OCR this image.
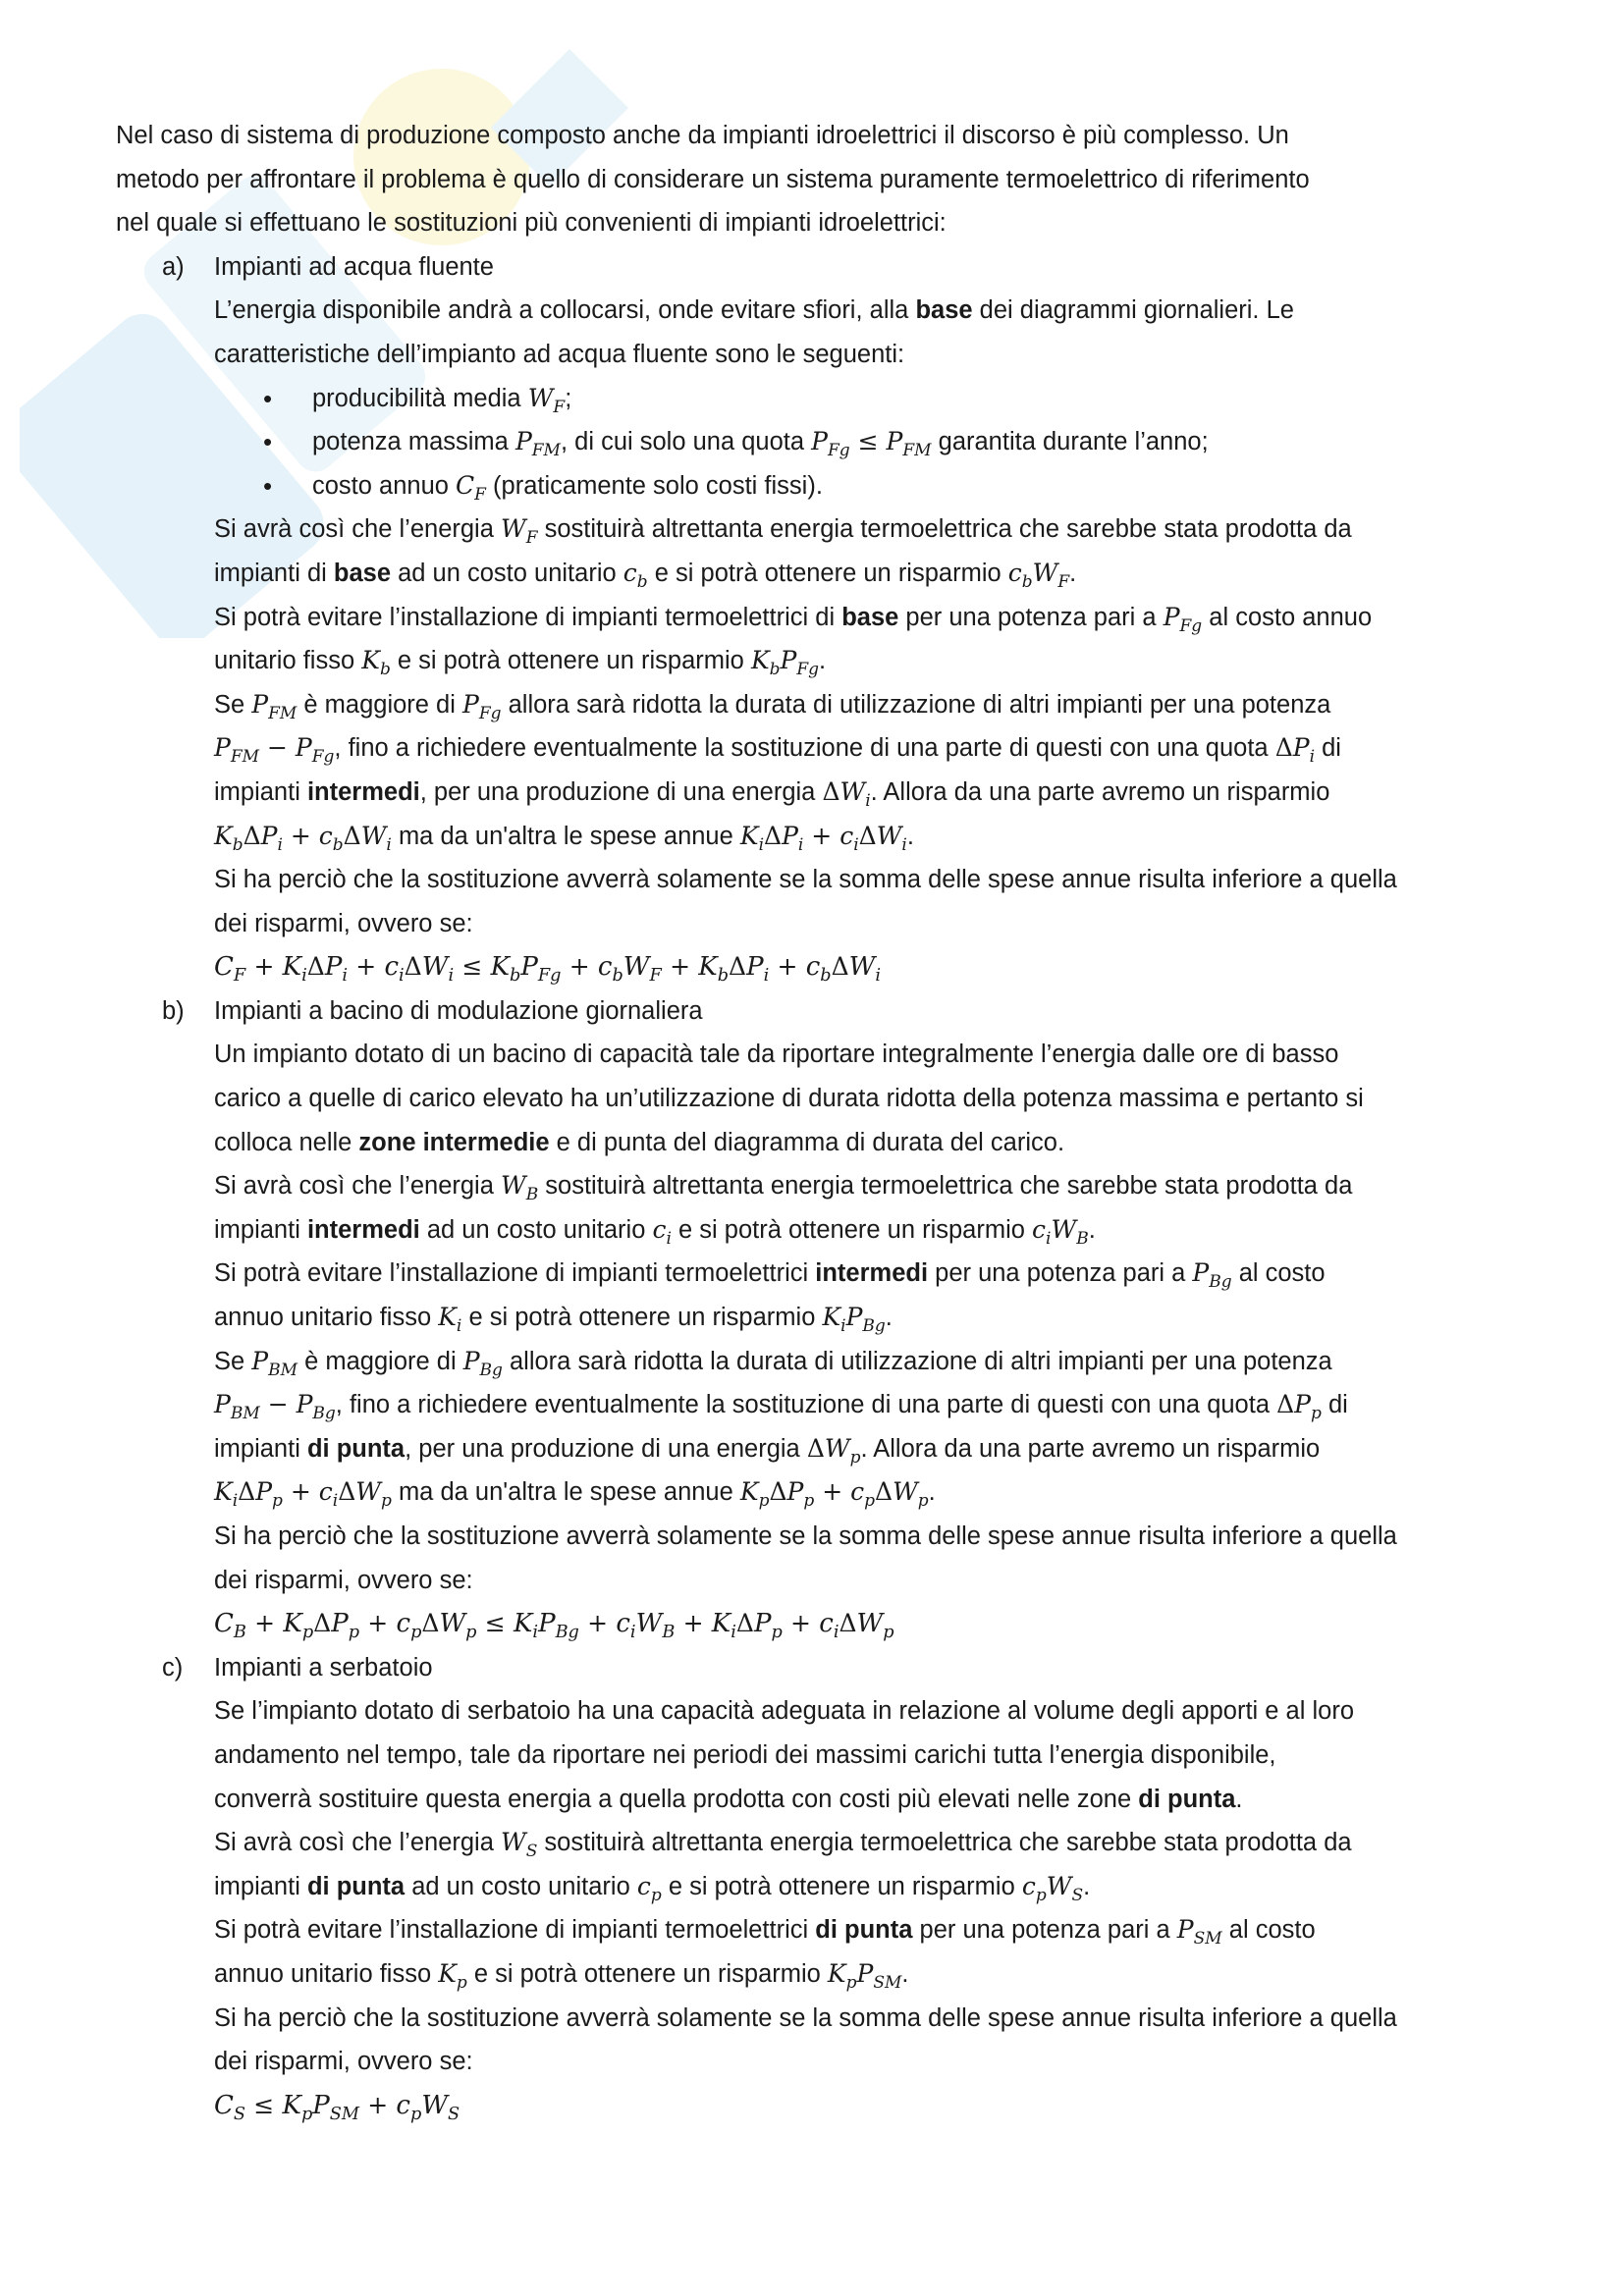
Nel caso di sistema di produzione composto anche da impianti idroelettrici il discorso è più complesso. Un
metodo per affrontare il problema è quello di considerare un sistema puramente termoelettrico di riferimento
nel quale si effettuano le sostituzioni più convenienti di impianti idroelettrici:
a) Impianti ad acqua fluente
L’energia disponibile andrà a collocarsi, onde evitare sfiori, alla base dei diagrammi giornalieri. Le
caratteristiche dell’impianto ad acqua fluente sono le seguenti:
• producibilità media $W_F$;
• potenza massima $P_{FM}$, di cui solo una quota $P_{Fg} \le P_{FM}$ garantita durante l’anno;
• costo annuo $C_F$ (praticamente solo costi fissi).
Si avrà così che l’energia $W_F$ sostituirà altrettanta energia termoelettrica che sarebbe stata prodotta da
impianti di base ad un costo unitario $c_b$ e si potrà ottenere un risparmio $c_bW_F$.
Si potrà evitare l’installazione di impianti termoelettrici di base per una potenza pari a $P_{Fg}$ al costo annuo
unitario fisso $K_b$ e si potrà ottenere un risparmio $K_bP_{Fg}$.
Se $P_{FM}$ è maggiore di $P_{Fg}$ allora sarà ridotta la durata di utilizzazione di altri impianti per una potenza
$P_{FM} - P_{Fg}$, fino a richiedere eventualmente la sostituzione di una parte di questi con una quota $\Delta P_i$ di
impianti intermedi, per una produzione di una energia $\Delta W_i$. Allora da una parte avremo un risparmio
$K_b\Delta P_i + c_b\Delta W_i$ ma da un'altra le spese annue $K_i\Delta P_i + c_i\Delta W_i$.
Si ha perciò che la sostituzione avverrà solamente se la somma delle spese annue risulta inferiore a quella
dei risparmi, ovvero se:
$C_F + K_i\Delta P_i + c_i\Delta W_i \le K_bP_{Fg} + c_bW_F + K_b\Delta P_i + c_b\Delta W_i$
b) Impianti a bacino di modulazione giornaliera
Un impianto dotato di un bacino di capacità tale da riportare integralmente l’energia dalle ore di basso
carico a quelle di carico elevato ha un’utilizzazione di durata ridotta della potenza massima e pertanto si
colloca nelle zone intermedie e di punta del diagramma di durata del carico.
Si avrà così che l’energia $W_B$ sostituirà altrettanta energia termoelettrica che sarebbe stata prodotta da
impianti intermedi ad un costo unitario $c_i$ e si potrà ottenere un risparmio $c_iW_B$.
Si potrà evitare l’installazione di impianti termoelettrici intermedi per una potenza pari a $P_{Bg}$ al costo
annuo unitario fisso $K_i$ e si potrà ottenere un risparmio $K_iP_{Bg}$.
Se $P_{BM}$ è maggiore di $P_{Bg}$ allora sarà ridotta la durata di utilizzazione di altri impianti per una potenza
$P_{BM} - P_{Bg}$, fino a richiedere eventualmente la sostituzione di una parte di questi con una quota $\Delta P_p$ di
impianti di punta, per una produzione di una energia $\Delta W_p$. Allora da una parte avremo un risparmio
$K_i\Delta P_p + c_i\Delta W_p$ ma da un'altra le spese annue $K_p\Delta P_p + c_p\Delta W_p$.
Si ha perciò che la sostituzione avverrà solamente se la somma delle spese annue risulta inferiore a quella
dei risparmi, ovvero se:
$C_B + K_p\Delta P_p + c_p\Delta W_p \le K_iP_{Bg} + c_iW_B + K_i\Delta P_p + c_i\Delta W_p$
c) Impianti a serbatoio
Se l’impianto dotato di serbatoio ha una capacità adeguata in relazione al volume degli apporti e al loro
andamento nel tempo, tale da riportare nei periodi dei massimi carichi tutta l’energia disponibile,
converrà sostituire questa energia a quella prodotta con costi più elevati nelle zone di punta.
Si avrà così che l’energia $W_S$ sostituirà altrettanta energia termoelettrica che sarebbe stata prodotta da
impianti di punta ad un costo unitario $c_p$ e si potrà ottenere un risparmio $c_pW_S$.
Si potrà evitare l’installazione di impianti termoelettrici di punta per una potenza pari a $P_{SM}$ al costo
annuo unitario fisso $K_p$ e si potrà ottenere un risparmio $K_pP_{SM}$.
Si ha perciò che la sostituzione avverrà solamente se la somma delle spese annue risulta inferiore a quella
dei risparmi, ovvero se:
$C_S \le K_pP_{SM} + c_pW_S$
